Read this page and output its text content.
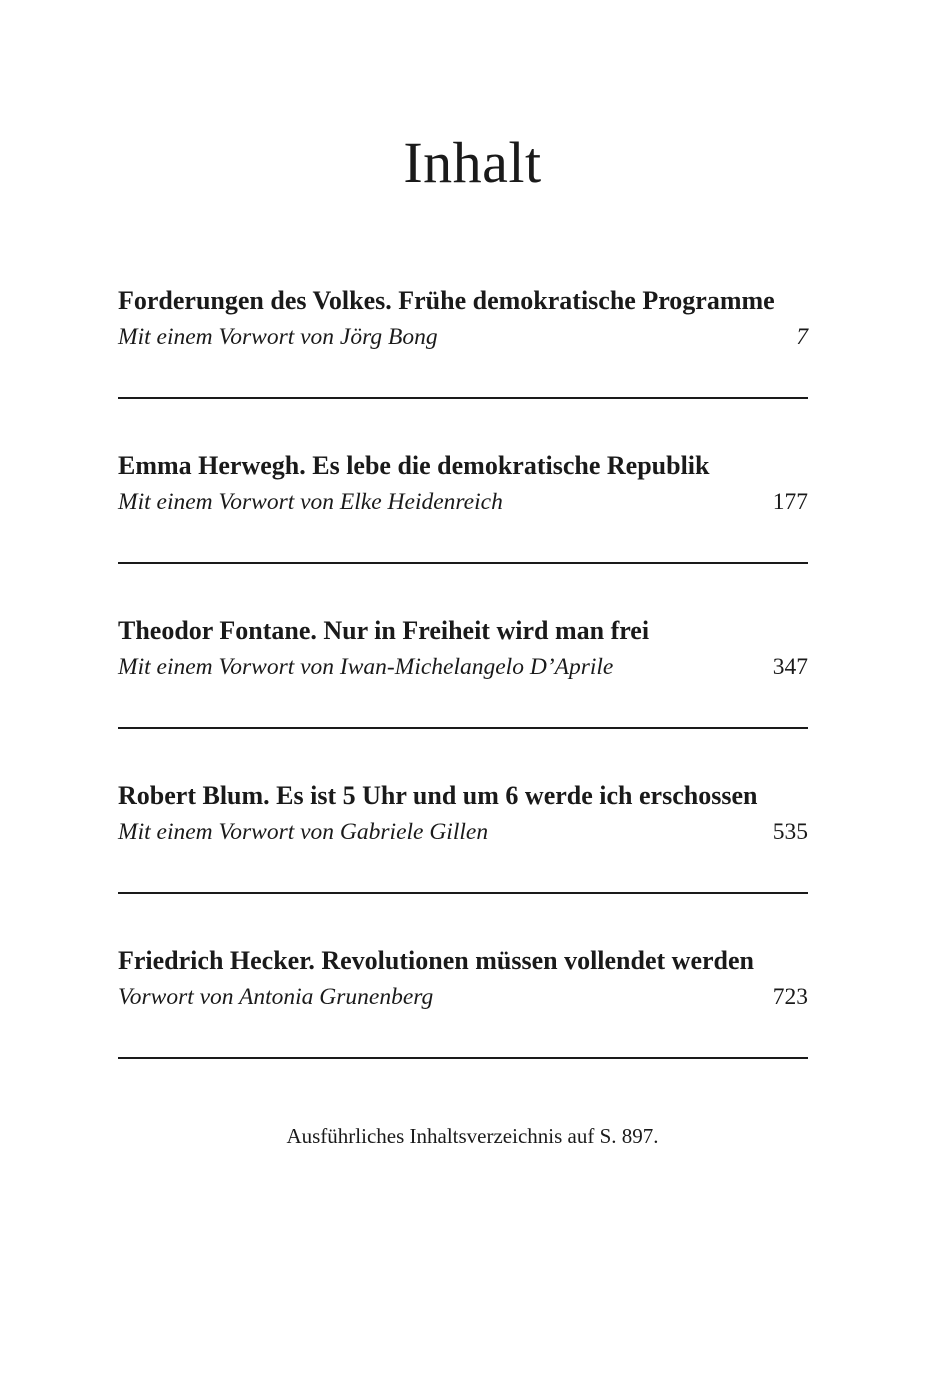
Inhalt
Forderungen des Volkes. Frühe demokratische Programme
Mit einem Vorwort von Jörg Bong	7
Emma Herwegh. Es lebe die demokratische Republik
Mit einem Vorwort von Elke Heidenreich	177
Theodor Fontane. Nur in Freiheit wird man frei
Mit einem Vorwort von Iwan-Michelangelo D’Aprile	347
Robert Blum. Es ist 5 Uhr und um 6 werde ich erschossen
Mit einem Vorwort von Gabriele Gillen	535
Friedrich Hecker. Revolutionen müssen vollendet werden
Vorwort von Antonia Grunenberg	723
Ausführliches Inhaltsverzeichnis auf S. 897.
